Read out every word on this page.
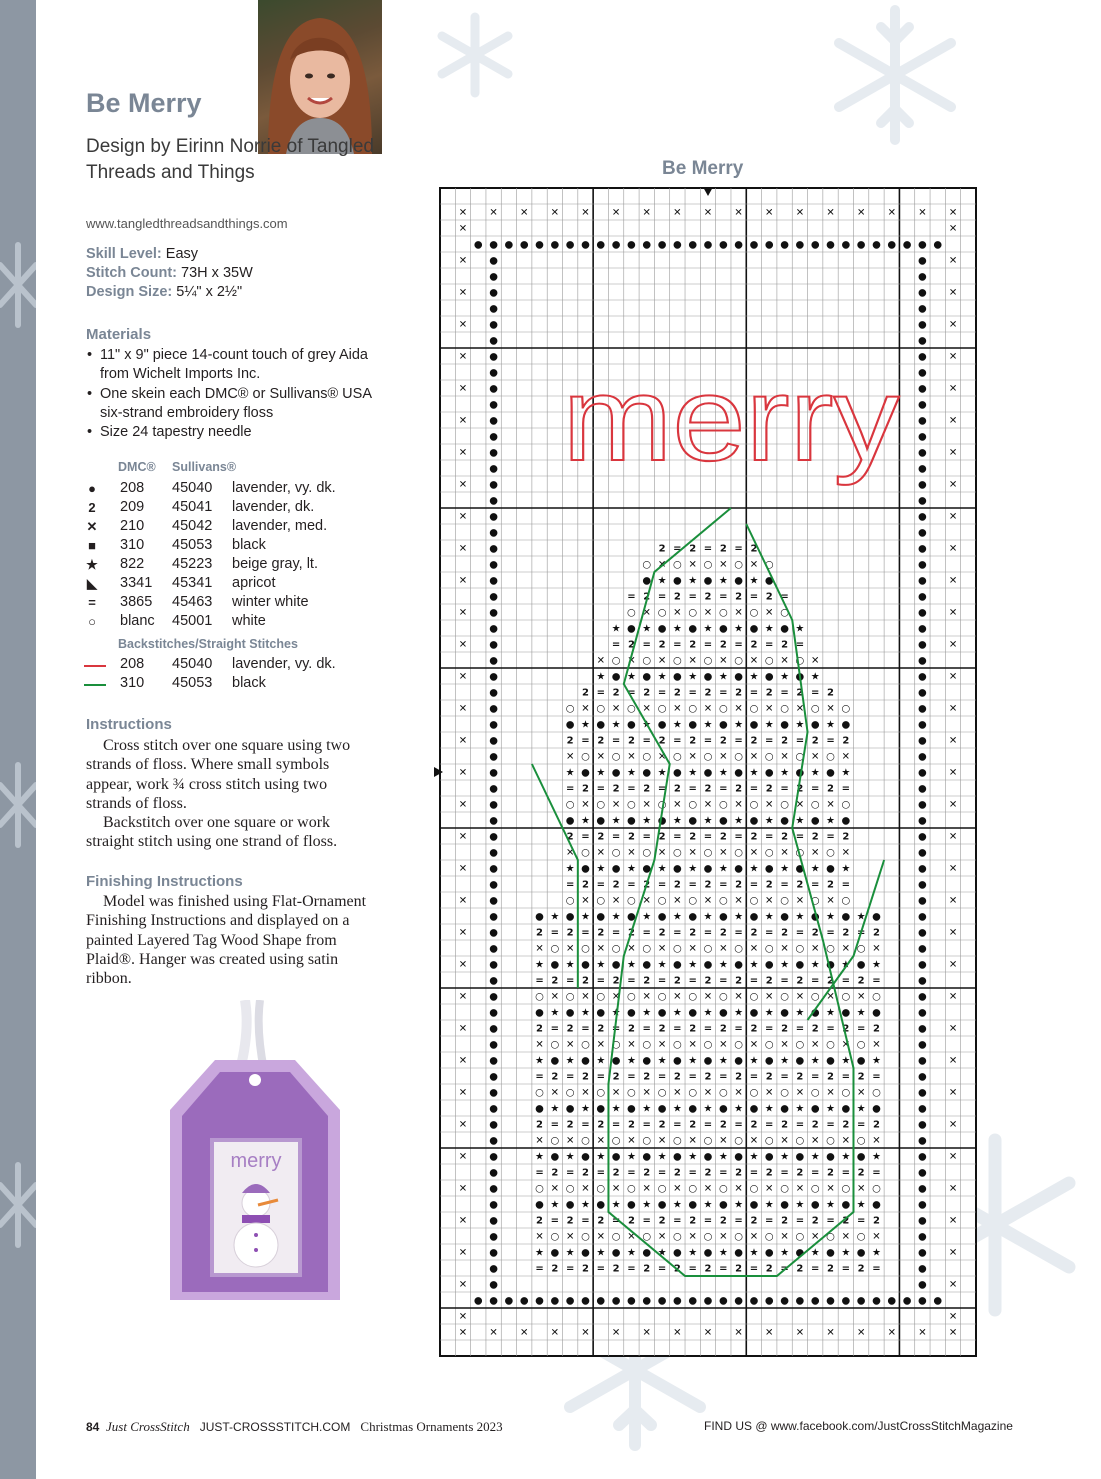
Be Merry
Design by Eirinn Norrie of Tangled Threads and Things
www.tangledthreadsandthings.com
Skill Level: Easy
Stitch Count: 73H x 35W
Design Size: 5¼" x 2½"
Materials
• 11" x 9" piece 14-count touch of grey Aida from Wichelt Imports Inc.
• One skein each DMC® or Sullivans® USA six-strand embroidery floss
• Size 24 tapestry needle
DMC® Sullivans®
● 208 45040 lavender, vy. dk.
2	209 45041 lavender, dk.
✕ 210 45042 lavender, med.
■ 310 45053 black
★ 822 45223 beige gray, lt.
◣ 3341 45341 apricot
= 3865 45463 winter white
○ blanc 45001 white
Backstitches/Straight Stitches
208 45040 lavender, vy. dk.
310 45053 black
Instructions
Cross stitch over one square using two strands of floss. Where small symbols appear, work ¾ cross stitch using two strands of floss.
Backstitch over one square or work straight stitch using one strand of floss.
Finishing Instructions
Model was finished using Flat-Ornament Finishing Instructions and displayed on a painted Layered Tag Wood Shape from Plaid®. Hanger was created using satin ribbon.
merry
Be Merry
✕ ✕ ✕ ✕ ✕ ✕ ✕ ✕ ✕ ✕ ✕ ✕ ✕ ✕ ✕ ✕ ✕
● ● ● ● ● ● ● ● ● ● ● ● ● ● ● ● ● ● ● ● ● ● ● ● ● ● ● ● ● ● ●
✕	✕
✕	✕
✕	✕
✕	✕
✕	✕
✕	✕
✕	✕
✕	✕
✕	✕
✕	✕
✕	✕
✕	✕
✕	✕
✕	✕
✕	✕
✕	✕
✕	✕
✕	✕
✕	✕
✕	✕
✕	✕
✕	✕
✕	✕
✕	✕
✕	✕
✕	✕
✕	✕
✕	✕
✕	✕
✕	✕
✕	✕
✕	✕
✕	✕
✕	✕
✕	✕
●	●
●	●
●	●
●	●
●	●
●	●
●	●
●	●
●	●
●	●
●	●
●	●
●	●
●	●
●	●
●	●
●	●
●	●
●	●
●	●
●	●
●	●
●	●
●	●
●	●
●	●
●	●
●	●
●	●
●	●
●	●
●	●
●	●
●	●
●	●
●	●
●	●
●	●
●	●
●	●
●	●
●	●
●	●
●	●
●	●
●	●
●	●
●	●
●	●
●	●
●	●
●	●
●	●
●	●
●	●
●	●
●	●
●	●
●	●
●	●
●	●
●	●
●	●
●	●
●	●
● ● ● ● ● ● ● ● ● ● ● ● ● ● ● ● ● ● ● ● ● ● ● ● ● ● ● ● ● ● ●
✕ ✕ ✕ ✕ ✕ ✕ ✕ ✕ ✕ ✕ ✕ ✕ ✕ ✕ ✕ ✕ ✕
2 = 2 = 2 = 2
○ ✕ ○ ✕ ○ ✕ ○ ✕ ○
● ★ ● ★ ● ★ ● ★ ●
= 2 = 2 = 2 = 2 = 2 =
○ ✕ ○ ✕ ○ ✕ ○ ✕ ○ ✕ ○
★ ● ★ ● ★ ● ★ ● ★ ● ★ ● ★
= 2 = 2 = 2 = 2 = 2 = 2 =
✕ ○ ✕ ○ ✕ ○ ✕ ○ ✕ ○ ✕ ○ ✕ ○ ✕
★ ● ★ ● ★ ● ★ ● ★ ● ★ ● ★ ● ★
2 = 2 = 2 = 2 = 2 = 2 = 2 = 2 = 2
○ ✕ ○ ✕ ○ ✕ ○ ✕ ○ ✕ ○ ✕ ○ ✕ ○ ✕ ○ ✕ ○
● ★ ● ★ ● ★ ● ★ ● ★ ● ★ ● ★ ● ★ ● ★ ●
2 = 2 = 2 = 2 = 2 = 2 = 2 = 2 = 2 = 2
✕ ○ ✕ ○ ✕ ○ ✕ ○ ✕ ○ ✕ ○ ✕ ○ ✕ ○ ✕ ○ ✕
★ ● ★ ● ★ ● ★ ● ★ ● ★ ● ★ ● ★ ● ★ ● ★
= 2 = 2 = 2 = 2 = 2 = 2 = 2 = 2 = 2 =
○ ✕ ○ ✕ ○ ✕ ○ ✕ ○ ✕ ○ ✕ ○ ✕ ○ ✕ ○ ✕ ○
● ★ ● ★ ● ★ ● ★ ● ★ ● ★ ● ★ ● ★ ● ★ ●
2 = 2 = 2 = 2 = 2 = 2 = 2 = 2 = 2 = 2
✕ ○ ✕ ○ ✕ ○ ✕ ○ ✕ ○ ✕ ○ ✕ ○ ✕ ○ ✕ ○ ✕
★ ● ★ ● ★ ● ★ ● ★ ● ★ ● ★ ● ★ ● ★ ● ★
= 2 = 2 = 2 = 2 = 2 = 2 = 2 = 2 = 2 =
○ ✕ ○ ✕ ○ ✕ ○ ✕ ○ ✕ ○ ✕ ○ ✕ ○ ✕ ○ ✕ ○
● ★ ● ★ ● ★ ● ★ ● ★ ● ★ ● ★ ● ★ ● ★ ● ★ ● ★ ●
2 = 2 = 2 = 2 = 2 = 2 = 2 = 2 = 2 = 2 = 2 = 2
✕ ○ ✕ ○ ✕ ○ ✕ ○ ✕ ○ ✕ ○ ✕ ○ ✕ ○ ✕ ○ ✕ ○ ✕ ○ ✕
★ ● ★ ● ★ ● ★ ● ★ ● ★ ● ★ ● ★ ● ★ ● ★ ● ★ ● ★
= 2 = 2 = 2 = 2 = 2 = 2 = 2 = 2 = 2 = 2 = 2 =
○ ✕ ○ ✕ ○ ✕ ○ ✕ ○ ✕ ○ ✕ ○ ✕ ○ ✕ ○ ✕ ○ ✕ ○ ✕ ○
● ★ ● ★ ● ★ ● ★ ● ★ ● ★ ● ★ ● ★ ● ★ ● ★ ● ★ ●
2 = 2 = 2 = 2 = 2 = 2 = 2 = 2 = 2 = 2 = 2 = 2
✕ ○ ✕ ○ ✕ ○ ✕ ○ ✕ ○ ✕ ○ ✕ ○ ✕ ○ ✕ ○ ✕ ○ ✕ ○ ✕
★ ● ★ ● ★ ● ★ ● ★ ● ★ ● ★ ● ★ ● ★ ● ★ ● ★ ● ★
= 2 = 2 = 2 = 2 = 2 = 2 = 2 = 2 = 2 = 2 = 2 =
○ ✕ ○ ✕ ○ ✕ ○ ✕ ○ ✕ ○ ✕ ○ ✕ ○ ✕ ○ ✕ ○ ✕ ○ ✕ ○
● ★ ● ★ ● ★ ● ★ ● ★ ● ★ ● ★ ● ★ ● ★ ● ★ ● ★ ●
2 = 2 = 2 = 2 = 2 = 2 = 2 = 2 = 2 = 2 = 2 = 2
✕ ○ ✕ ○ ✕ ○ ✕ ○ ✕ ○ ✕ ○ ✕ ○ ✕ ○ ✕ ○ ✕ ○ ✕ ○ ✕
★ ● ★ ● ★ ● ★ ● ★ ● ★ ● ★ ● ★ ● ★ ● ★ ● ★ ● ★
= 2 = 2 = 2 = 2 = 2 = 2 = 2 = 2 = 2 = 2 = 2 =
○ ✕ ○ ✕ ○ ✕ ○ ✕ ○ ✕ ○ ✕ ○ ✕ ○ ✕ ○ ✕ ○ ✕ ○ ✕ ○
● ★ ● ★ ● ★ ● ★ ● ★ ● ★ ● ★ ● ★ ● ★ ● ★ ● ★ ●
2 = 2 = 2 = 2 = 2 = 2 = 2 = 2 = 2 = 2 = 2 = 2
✕ ○ ✕ ○ ✕ ○ ✕ ○ ✕ ○ ✕ ○ ✕ ○ ✕ ○ ✕ ○ ✕ ○ ✕ ○ ✕
★ ● ★ ● ★ ● ★ ● ★ ● ★ ● ★ ● ★ ● ★ ● ★ ● ★ ● ★
= 2 = 2 = 2 = 2 = 2 = 2 = 2 = 2 = 2 = 2 = 2 =
merry
84 Just CrossStitch JUST-CROSSSTITCH.COM Christmas Ornaments 2023	FIND US @ www.facebook.com/JustCrossStitchMagazine
